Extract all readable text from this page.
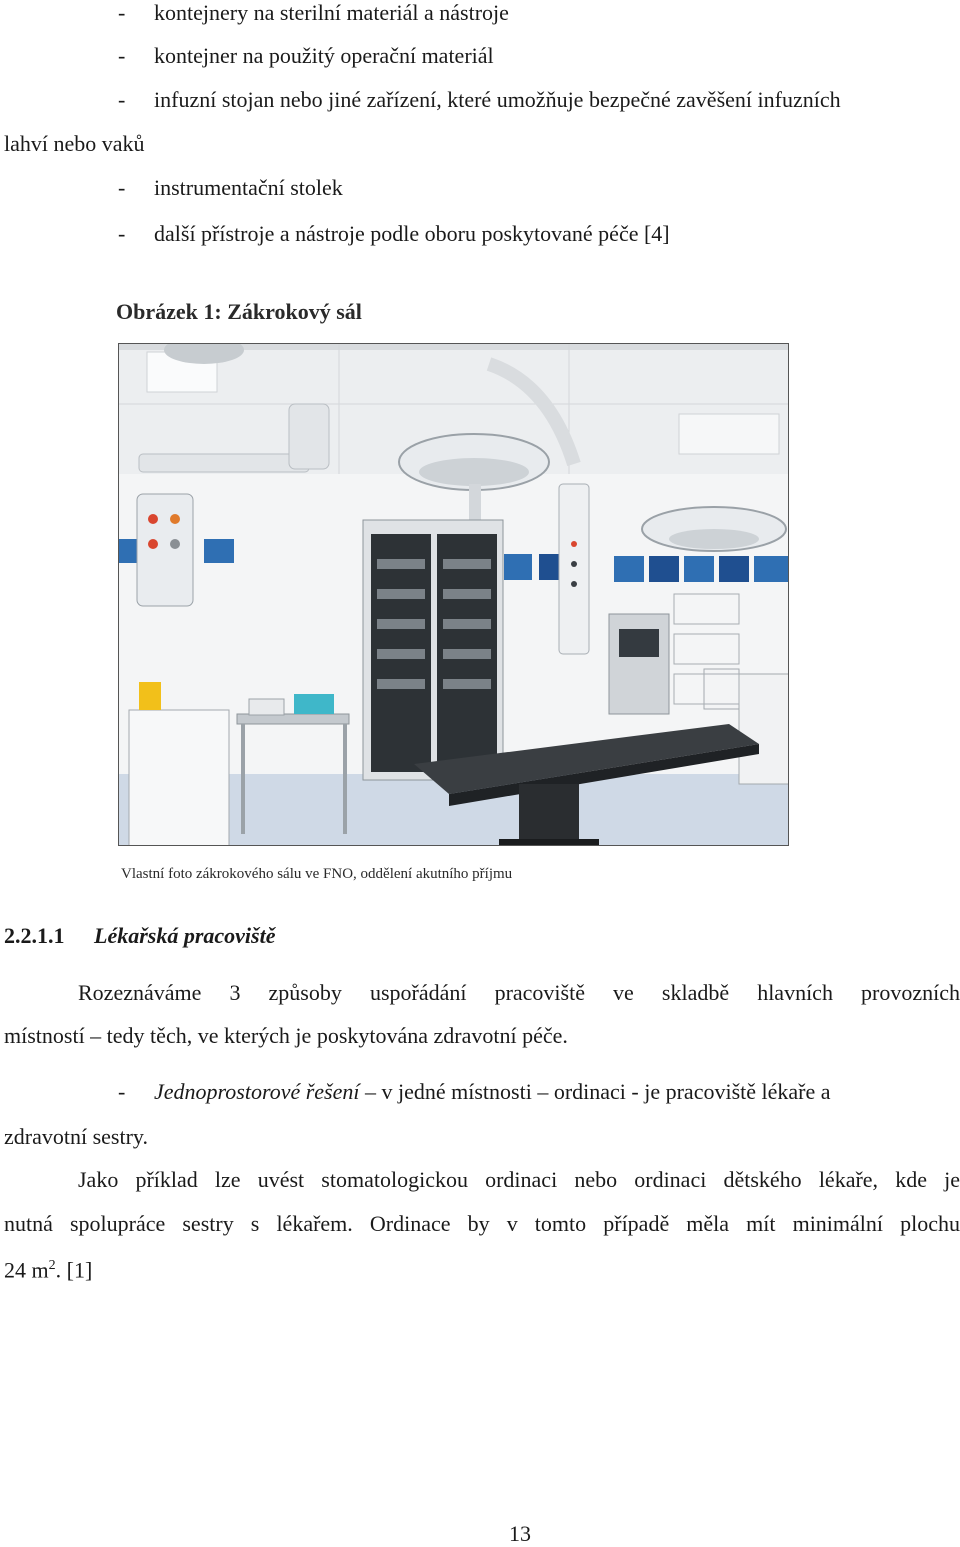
- kontejnery na sterilní materiál a nástroje
- kontejner na použitý operační materiál
- infuzní stojan nebo jiné zařízení, které umožňuje bezpečné zavěšení infuzních
lahví nebo vaků
- instrumentační stolek
- další přístroje a nástroje podle oboru poskytované péče [4]
Obrázek 1: Zákrokový sál
Vlastní foto zákrokového sálu ve FNO, oddělení akutního příjmu
2.2.1.1 Lékařská pracoviště
Rozeznáváme 3 způsoby uspořádání pracoviště ve skladbě hlavních provozních
místností – tedy těch, ve kterých je poskytována zdravotní péče.
- Jednoprostorové řešení – v jedné místnosti – ordinaci - je pracoviště lékaře a
zdravotní sestry.
Jako příklad lze uvést stomatologickou ordinaci nebo ordinaci dětského lékaře, kde je
nutná spolupráce sestry s lékařem. Ordinace by v tomto případě měla mít minimální plochu
24 $m^2$. [1]
13
